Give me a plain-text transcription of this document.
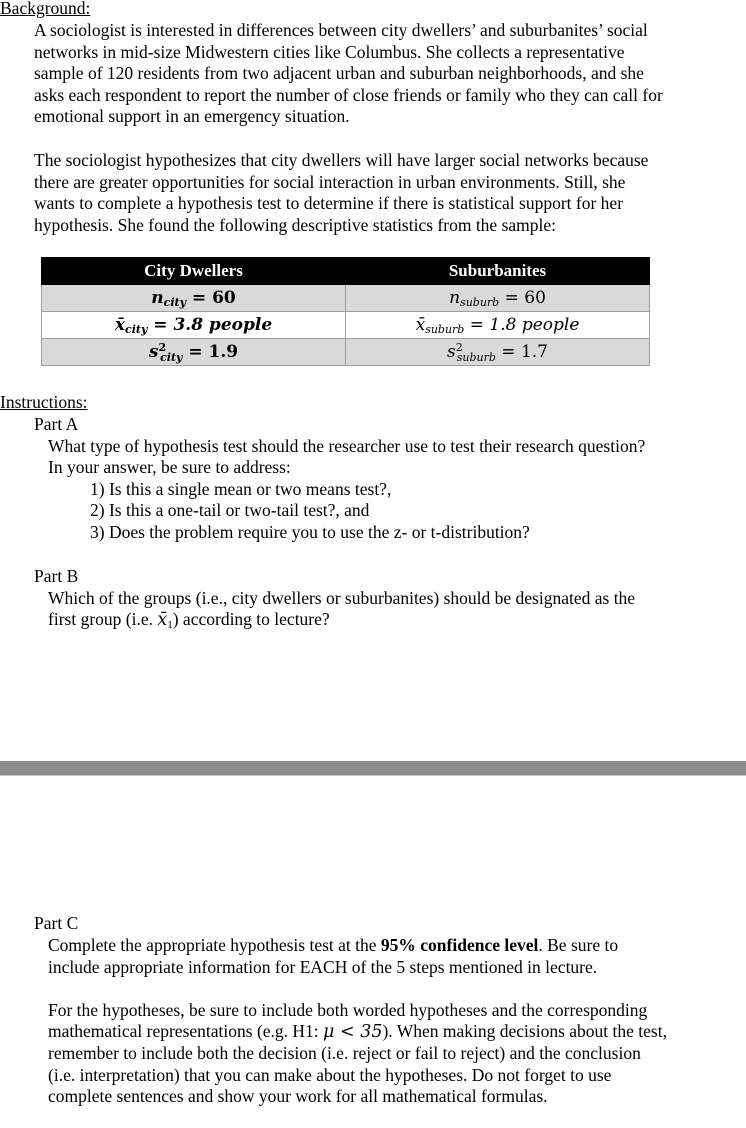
Background:
A sociologist is interested in differences between city dwellers’ and suburbanites’ social
networks in mid-size Midwestern cities like Columbus. She collects a representative
sample of 120 residents from two adjacent urban and suburban neighborhoods, and she
asks each respondent to report the number of close friends or family who they can call for
emotional support in an emergency situation.
The sociologist hypothesizes that city dwellers will have larger social networks because
there are greater opportunities for social interaction in urban environments. Still, she
wants to complete a hypothesis test to determine if there is statistical support for her
hypothesis. She found the following descriptive statistics from the sample:
City Dwellers	Suburbanites
$n_{city} = 60$	$n_{suburb} = 60$
$x̄_{city} = 3.8$ people	$x̄_{suburb} = 1.8$ people
$s^2_{city} = 1.9$	$s^2_{suburb} = 1.7$
Instructions:
Part A
What type of hypothesis test should the researcher use to test their research question?
In your answer, be sure to address:
1) Is this a single mean or two means test?,
2) Is this a one-tail or two-tail test?, and
3) Does the problem require you to use the z- or t-distribution?
Part B
Which of the groups (i.e., city dwellers or suburbanites) should be designated as the
first group (i.e. x̄1) according to lecture?
Part C
Complete the appropriate hypothesis test at the 95% confidence level. Be sure to
include appropriate information for EACH of the 5 steps mentioned in lecture.
For the hypotheses, be sure to include both worded hypotheses and the corresponding
mathematical representations (e.g. H1: μ < 35). When making decisions about the test,
remember to include both the decision (i.e. reject or fail to reject) and the conclusion
(i.e. interpretation) that you can make about the hypotheses. Do not forget to use
complete sentences and show your work for all mathematical formulas.
